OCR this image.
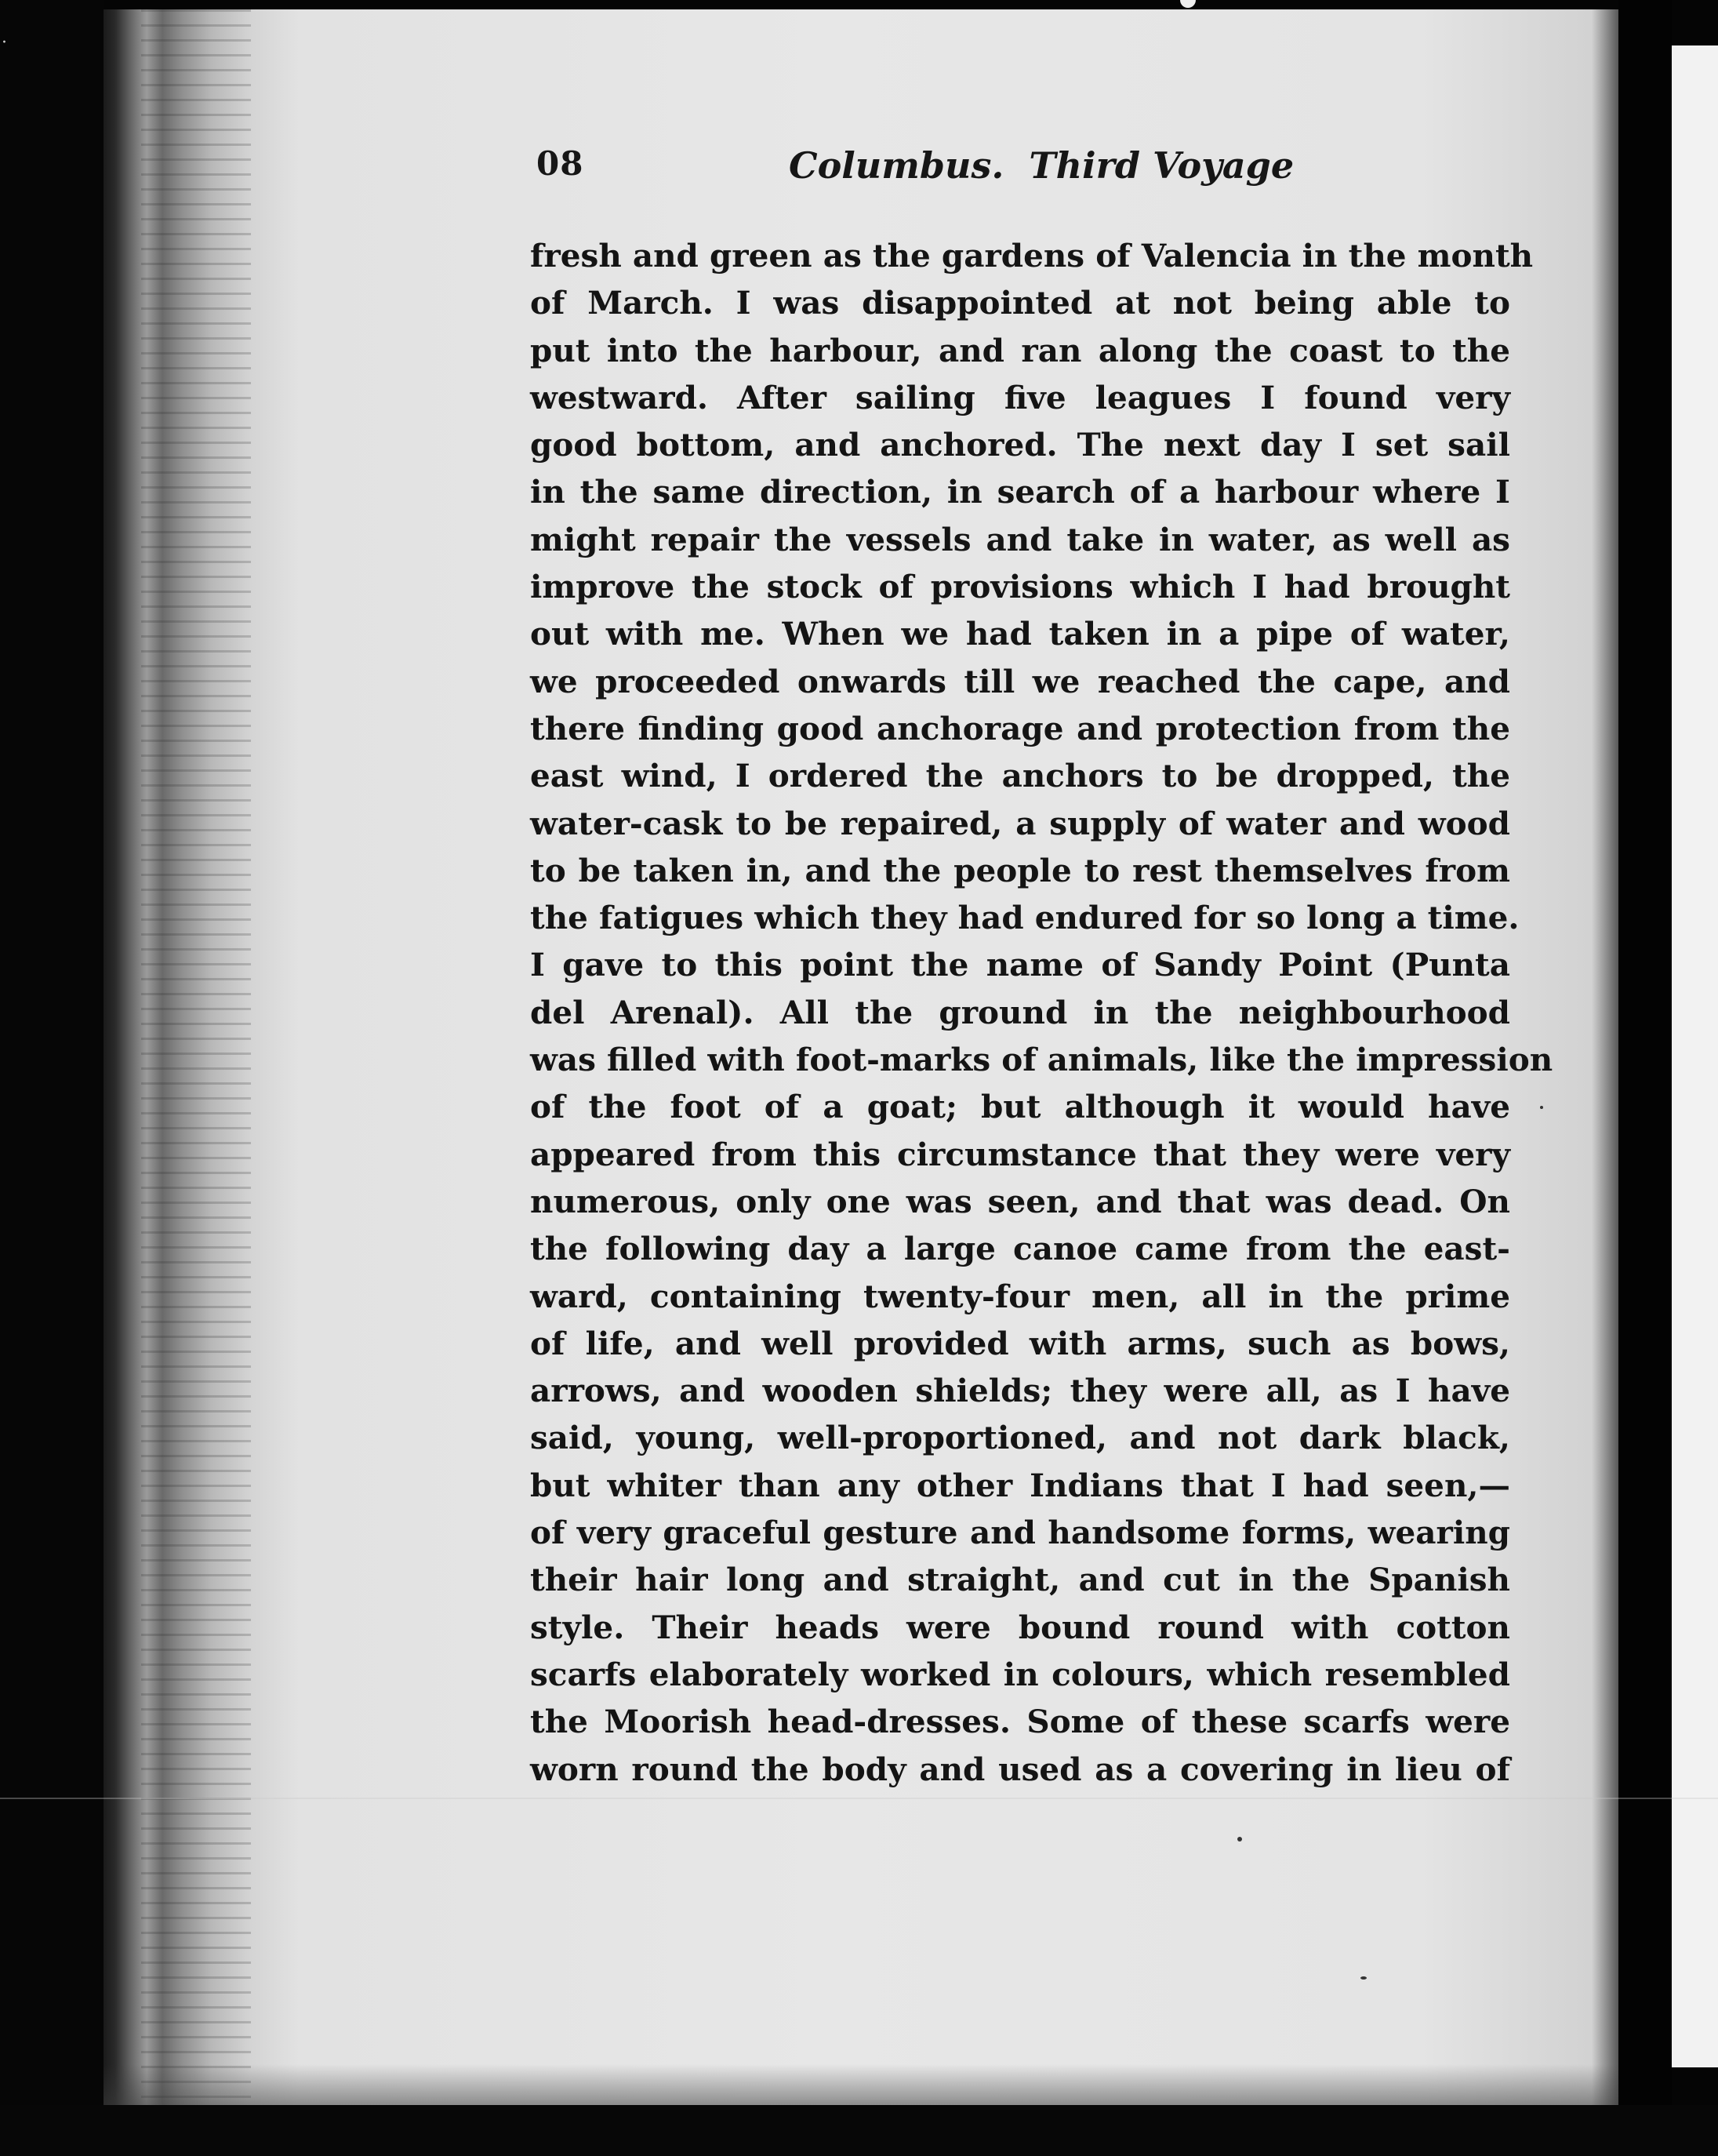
·
08	Columbus.  Third Voyage
fresh and green as the gardens of Valencia in the month
of March. I was disappointed at not being able to
put into the harbour, and ran along the coast to the
westward. After sailing five leagues I found very
good bottom, and anchored. The next day I set sail
in the same direction, in search of a harbour where I
might repair the vessels and take in water, as well as
improve the stock of provisions which I had brought
out with me. When we had taken in a pipe of water,
we proceeded onwards till we reached the cape, and
there finding good anchorage and protection from the
east wind, I ordered the anchors to be dropped, the
water-cask to be repaired, a supply of water and wood
to be taken in, and the people to rest themselves from
the fatigues which they had endured for so long a time.
I gave to this point the name of Sandy Point (Punta
del Arenal). All the ground in the neighbourhood
was filled with foot-marks of animals, like the impression
of the foot of a goat; but although it would have
appeared from this circumstance that they were very
numerous, only one was seen, and that was dead. On
the following day a large canoe came from the east-
ward, containing twenty-four men, all in the prime
of life, and well provided with arms, such as bows,
arrows, and wooden shields; they were all, as I have
said, young, well-proportioned, and not dark black,
but whiter than any other Indians that I had seen,—
of very graceful gesture and handsome forms, wearing
their hair long and straight, and cut in the Spanish
style. Their heads were bound round with cotton
scarfs elaborately worked in colours, which resembled
the Moorish head-dresses. Some of these scarfs were
worn round the body and used as a covering in lieu of
